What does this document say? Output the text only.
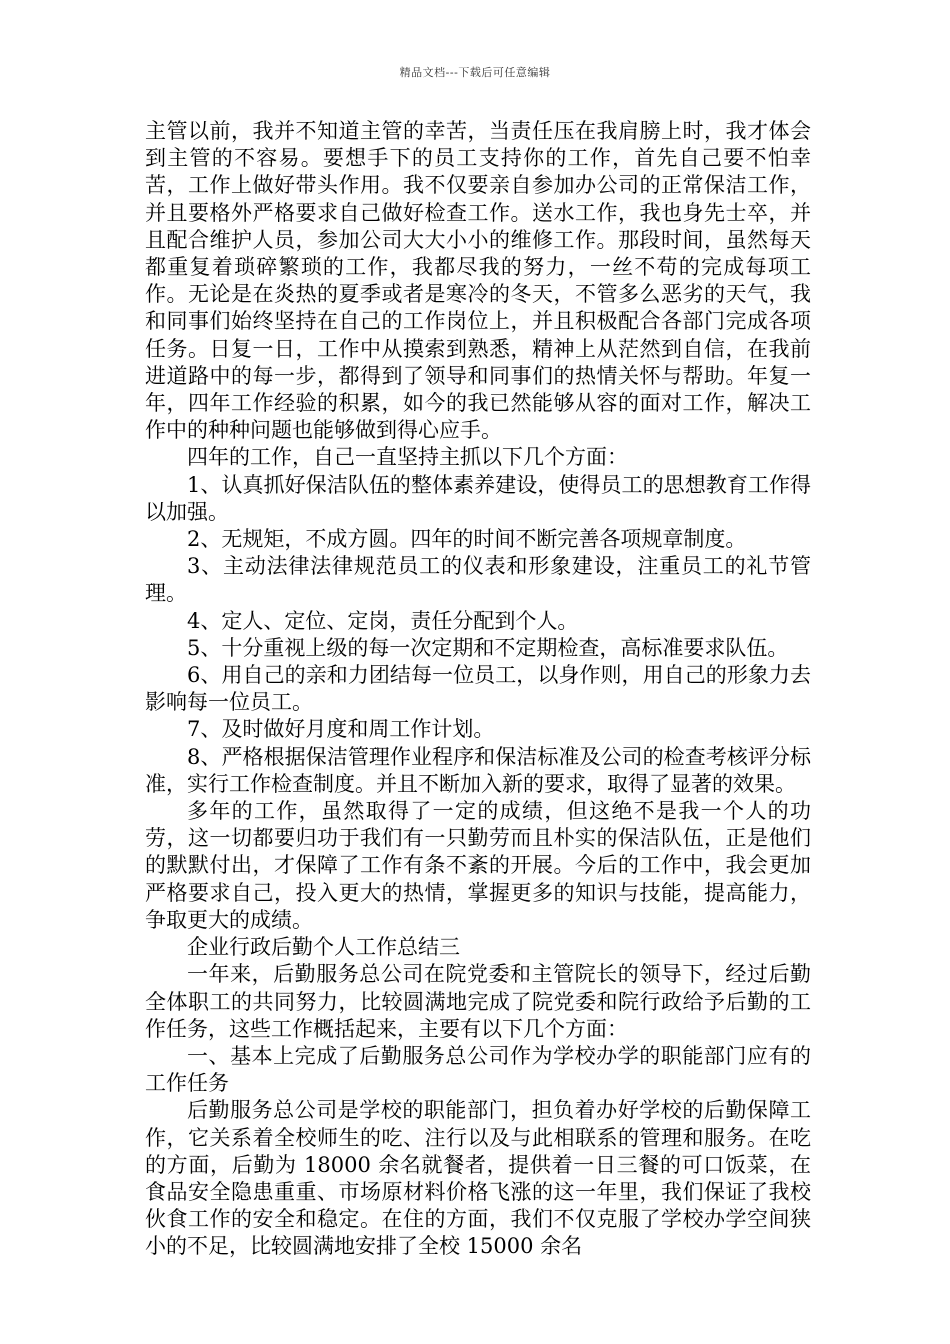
精品文档---下载后可任意编辑

主管以前，我并不知道主管的幸苦，当责任压在我肩膀上时，我才体会到主管的不容易。要想手下的员工支持你的工作，首先自己要不怕幸苦，工作上做好带头作用。我不仅要亲自参加办公司的正常保洁工作，并且要格外严格要求自己做好检查工作。送水工作，我也身先士卒，并且配合维护人员，参加公司大大小小的维修工作。那段时间，虽然每天都重复着琐碎繁琐的工作，我都尽我的努力，一丝不苟的完成每项工作。无论是在炎热的夏季或者是寒冷的冬天，不管多么恶劣的天气，我和同事们始终坚持在自己的工作岗位上，并且积极配合各部门完成各项任务。日复一日，工作中从摸索到熟悉，精神上从茫然到自信，在我前进道路中的每一步，都得到了领导和同事们的热情关怀与帮助。年复一年，四年工作经验的积累，如今的我已然能够从容的面对工作，解决工作中的种种问题也能够做到得心应手。

四年的工作，自己一直坚持主抓以下几个方面：

1、认真抓好保洁队伍的整体素养建设，使得员工的思想教育工作得以加强。

2、无规矩，不成方圆。四年的时间不断完善各项规章制度。

3、主动法律法律规范员工的仪表和形象建设，注重员工的礼节管理。

4、定人、定位、定岗，责任分配到个人。

5、十分重视上级的每一次定期和不定期检查，高标准要求队伍。

6、用自己的亲和力团结每一位员工，以身作则，用自己的形象力去影响每一位员工。

7、及时做好月度和周工作计划。

8、严格根据保洁管理作业程序和保洁标准及公司的检查考核评分标准，实行工作检查制度。并且不断加入新的要求，取得了显著的效果。

多年的工作，虽然取得了一定的成绩，但这绝不是我一个人的功劳，这一切都要归功于我们有一只勤劳而且朴实的保洁队伍，正是他们的默默付出，才保障了工作有条不紊的开展。今后的工作中，我会更加严格要求自己，投入更大的热情，掌握更多的知识与技能，提高能力，争取更大的成绩。

企业行政后勤个人工作总结三

一年来，后勤服务总公司在院党委和主管院长的领导下，经过后勤全体职工的共同努力，比较圆满地完成了院党委和院行政给予后勤的工作任务，这些工作概括起来，主要有以下几个方面：

一、基本上完成了后勤服务总公司作为学校办学的职能部门应有的工作任务

后勤服务总公司是学校的职能部门，担负着办好学校的后勤保障工作，它关系着全校师生的吃、注行以及与此相联系的管理和服务。在吃的方面，后勤为 18000 余名就餐者，提供着一日三餐的可口饭菜，在食品安全隐患重重、市场原材料价格飞涨的这一年里，我们保证了我校伙食工作的安全和稳定。在住的方面，我们不仅克服了学校办学空间狭小的不足，比较圆满地安排了全校 15000 余名
